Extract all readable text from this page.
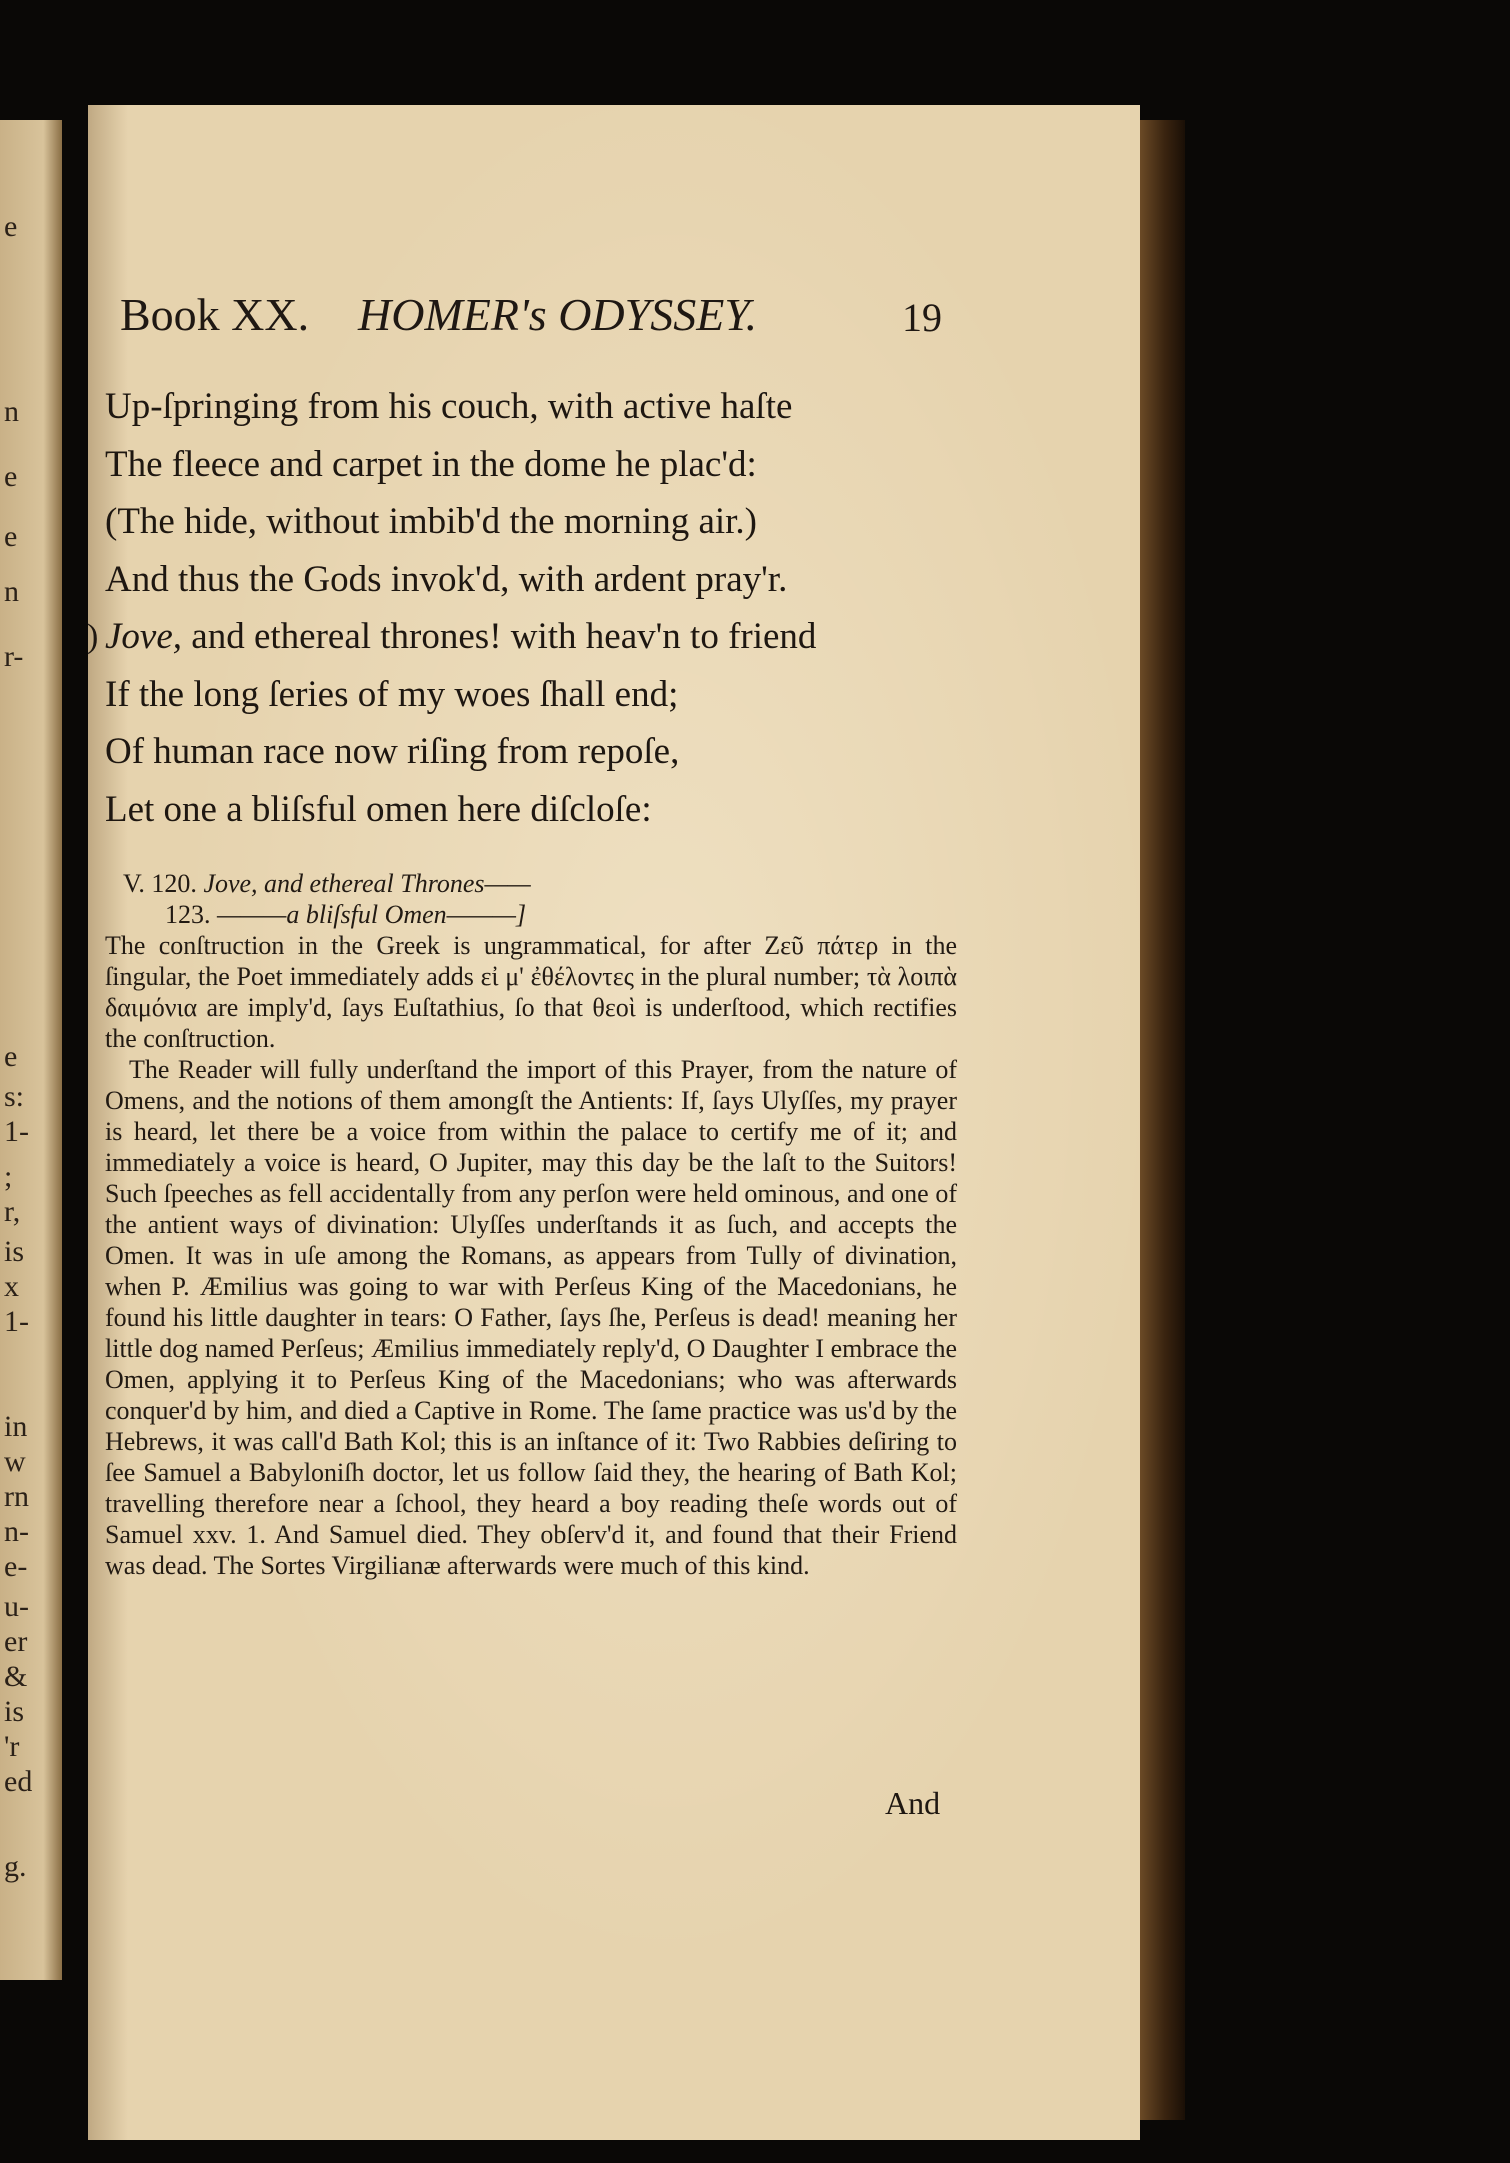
e
n
e
e
n
r-
e
s:
1-
;
r,
is
x
1-
in
w
rn
n-
e-
u-
er
&
is
'r
ed
g.
Book XX. HOMER's ODYSSEY.	19
Up-ſpringing from his couch, with active haſte
The fleece and carpet in the dome he plac'd:
(The hide, without imbib'd the morning air.)
And thus the Gods invok'd, with ardent pray'r.
) Jove, and ethereal thrones! with heav'n to friend
If the long ſeries of my woes ſhall end;
Of human race now riſing from repoſe,
Let one a bliſsful omen here diſcloſe:
V. 120. Jove, and ethereal Thrones——
123. ———a bliſsful Omen———]

The conſtruction in the Greek is ungrammatical, for after Ζεῦ πάτερ in the ſingular, the Poet immediately adds εἰ μ' ἐθέλοντες in the plural number; τὰ λοιπὰ δαιμόνια are imply'd, ſays Euſtathius, ſo that θεοὶ is underſtood, which rectifies the conſtruction.

The Reader will fully underſtand the import of this Prayer, from the nature of Omens, and the notions of them amongſt the Antients: If, ſays Ulyſſes, my prayer is heard, let there be a voice from within the palace to certify me of it; and immediately a voice is heard, O Jupiter, may this day be the laſt to the Suitors! Such ſpeeches as fell accidentally from any perſon were held ominous, and one of the antient ways of divination: Ulyſſes underſtands it as ſuch, and accepts the Omen. It was in uſe among the Romans, as appears from Tully of divination, when P. Æmilius was going to war with Perſeus King of the Macedonians, he found his little daughter in tears: O Father, ſays ſhe, Perſeus is dead! meaning her little dog named Perſeus; Æmilius immediately reply'd, O Daughter I embrace the Omen, applying it to Perſeus King of the Macedonians; who was afterwards conquer'd by him, and died a Captive in Rome. The ſame practice was us'd by the Hebrews, it was call'd Bath Kol; this is an inſtance of it: Two Rabbies deſiring to ſee Samuel a Babyloniſh doctor, let us follow ſaid they, the hearing of Bath Kol; travelling therefore near a ſchool, they heard a boy reading theſe words out of Samuel xxv. 1. And Samuel died. They obſerv'd it, and found that their Friend was dead. The Sortes Virgilianæ afterwards were much of this kind.

And
